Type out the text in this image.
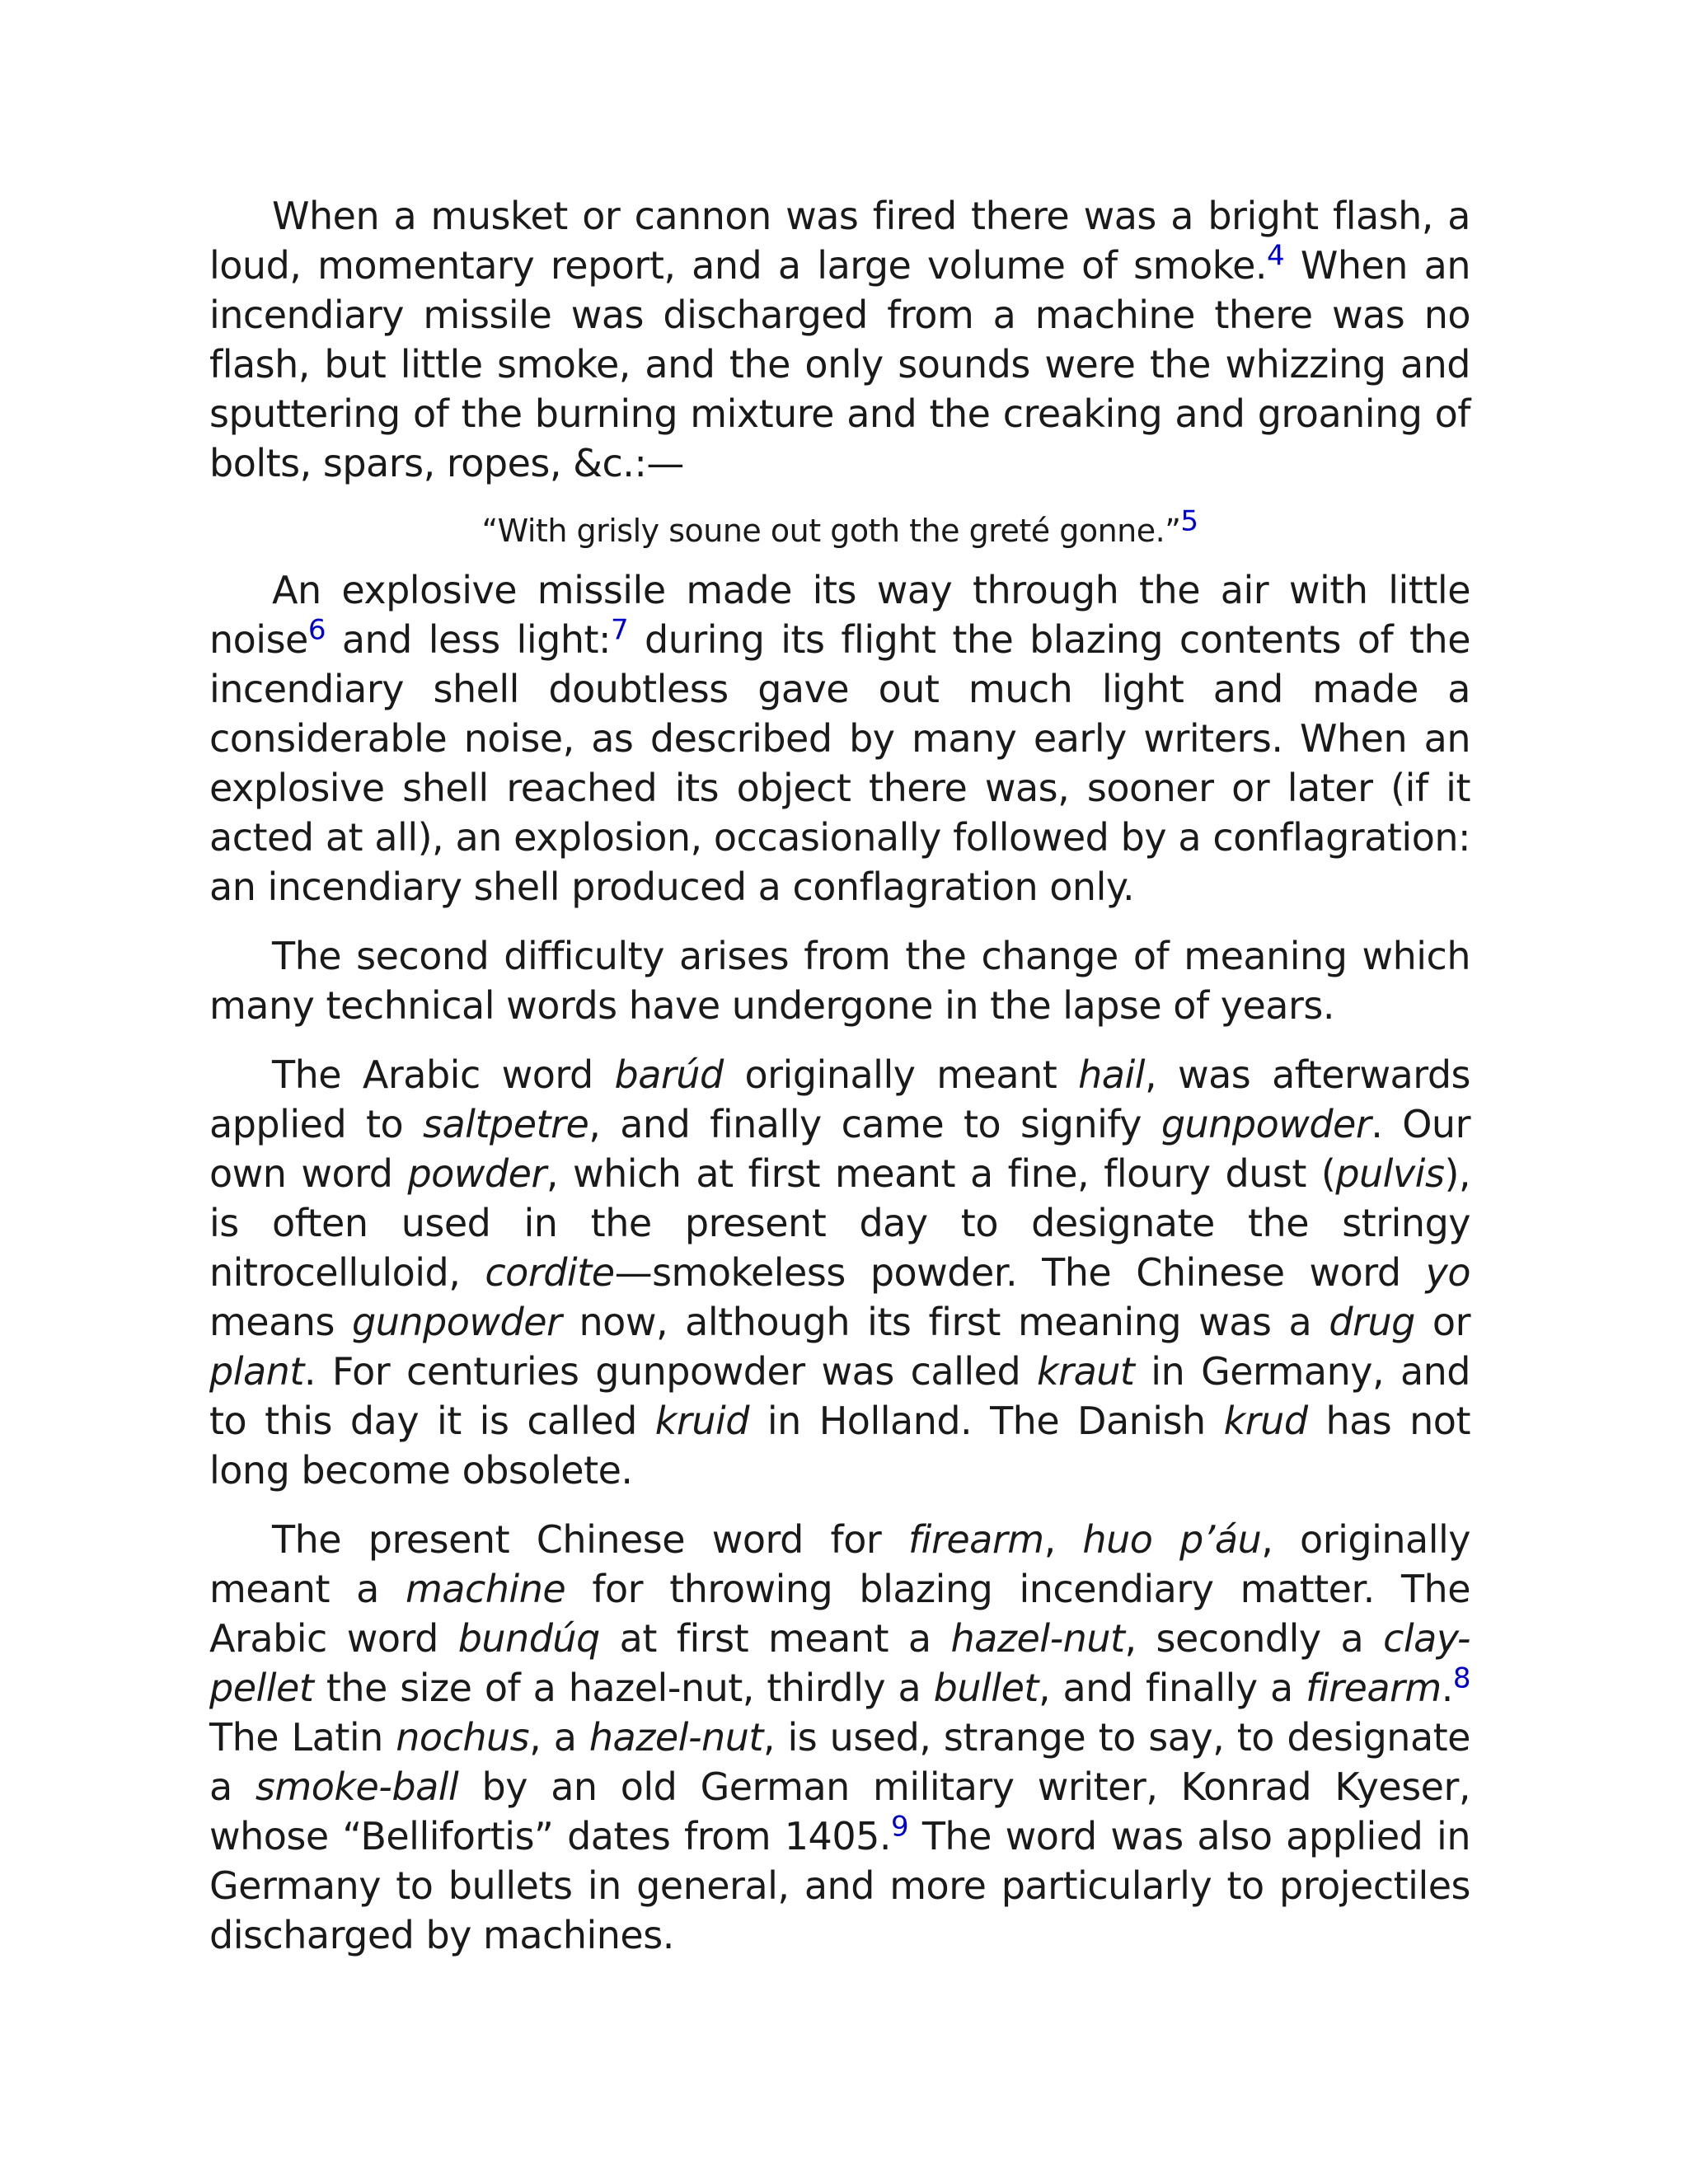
When a musket or cannon was fired there was a bright flash, a loud, momentary report, and a large volume of smoke.$^4$ When an incendiary missile was discharged from a machine there was no flash, but little smoke, and the only sounds were the whizzing and sputtering of the burning mixture and the creaking and groaning of bolts, spars, ropes, &c.:—

“With grisly soune out goth the greté gonne.”5

An explosive missile made its way through the air with little noise$^6$ and less light:$^7$ during its flight the blazing contents of the incendiary shell doubtless gave out much light and made a considerable noise, as described by many early writers. When an explosive shell reached its object there was, sooner or later (if it acted at all), an explosion, occasionally followed by a conflagration: an incendiary shell produced a conflagration only.

The second difficulty arises from the change of meaning which many technical words have undergone in the lapse of years.

The Arabic word barúd originally meant hail, was afterwards applied to saltpetre, and finally came to signify gunpowder. Our own word powder, which at first meant a fine, floury dust (pulvis), is often used in the present day to designate the stringy nitrocelluloid, cordite—smokeless powder. The Chinese word yo means gunpowder now, although its first meaning was a drug or plant. For centuries gunpowder was called kraut in Germany, and to this day it is called kruid in Holland. The Danish krud has not long become obsolete.

The present Chinese word for firearm, huo p’áu, originally meant a machine for throwing blazing incendiary matter. The Arabic word bundúq at first meant a hazel-nut, secondly a clay-pellet the size of a hazel-nut, thirdly a bullet, and finally a firearm.$^8$ The Latin nochus, a hazel-nut, is used, strange to say, to designate a smoke-ball by an old German military writer, Konrad Kyeser, whose “Bellifortis” dates from 1405.$^9$ The word was also applied in Germany to bullets in general, and more particularly to projectiles discharged by machines.
